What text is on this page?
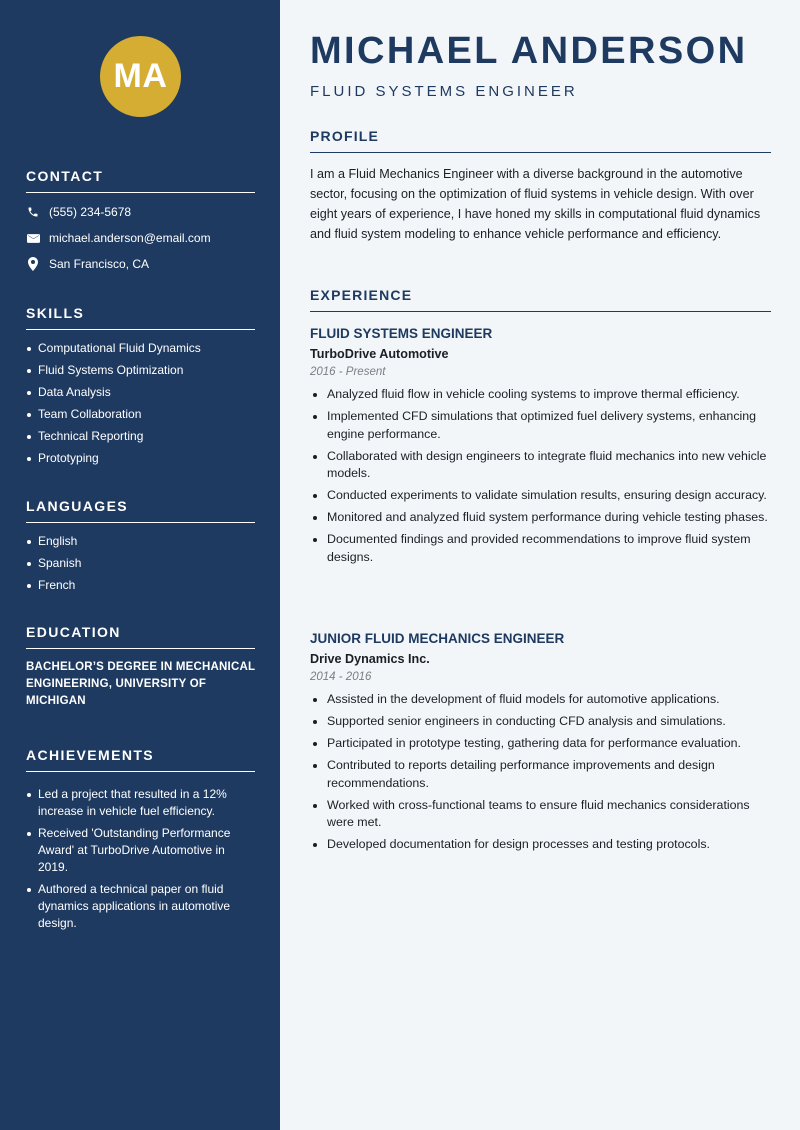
MA
CONTACT
(555) 234-5678
michael.anderson@email.com
San Francisco, CA
SKILLS
Computational Fluid Dynamics
Fluid Systems Optimization
Data Analysis
Team Collaboration
Technical Reporting
Prototyping
LANGUAGES
English
Spanish
French
EDUCATION
BACHELOR’S DEGREE IN MECHANICAL ENGINEERING, UNIVERSITY OF MICHIGAN
ACHIEVEMENTS
Led a project that resulted in a 12% increase in vehicle fuel efficiency.
Received 'Outstanding Performance Award' at TurboDrive Automotive in 2019.
Authored a technical paper on fluid dynamics applications in automotive design.
MICHAEL ANDERSON
FLUID SYSTEMS ENGINEER
PROFILE

I am a Fluid Mechanics Engineer with a diverse background in the automotive sector, focusing on the optimization of fluid systems in vehicle design. With over eight years of experience, I have honed my skills in computational fluid dynamics and fluid system modeling to enhance vehicle performance and efficiency.

EXPERIENCE
FLUID SYSTEMS ENGINEER
TurboDrive Automotive
2016 - Present
Analyzed fluid flow in vehicle cooling systems to improve thermal efficiency.
Implemented CFD simulations that optimized fuel delivery systems, enhancing engine performance.
Collaborated with design engineers to integrate fluid mechanics into new vehicle models.
Conducted experiments to validate simulation results, ensuring design accuracy.
Monitored and analyzed fluid system performance during vehicle testing phases.
Documented findings and provided recommendations to improve fluid system designs.
JUNIOR FLUID MECHANICS ENGINEER
Drive Dynamics Inc.
2014 - 2016
Assisted in the development of fluid models for automotive applications.
Supported senior engineers in conducting CFD analysis and simulations.
Participated in prototype testing, gathering data for performance evaluation.
Contributed to reports detailing performance improvements and design recommendations.
Worked with cross-functional teams to ensure fluid mechanics considerations were met.
Developed documentation for design processes and testing protocols.
